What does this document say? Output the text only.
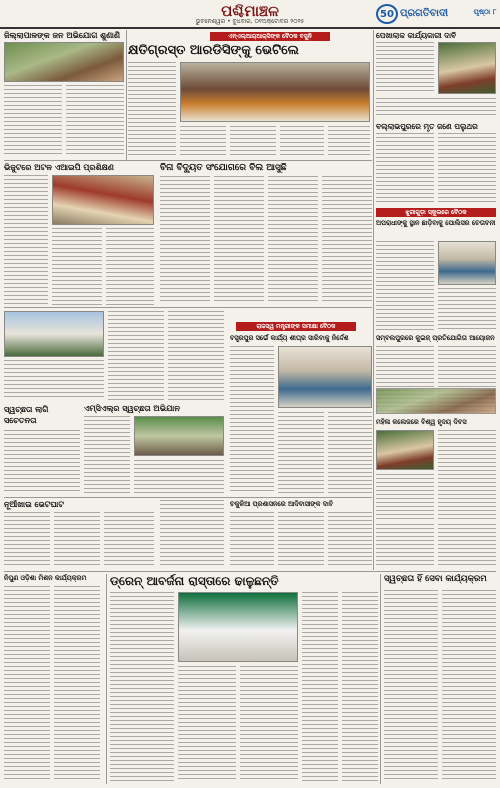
ପଶ୍ଚିମାଞ୍ଚଳ
ଭୁବନେଶ୍ୱର • ବୁଧବାର, ୦୧ଅକ୍ଟୋବର ୨୦୨୫
50 ପ୍ରଗତିବାଦୀ	ପୃଷ୍ଠା ୮
ଜିଲ୍ଲାପାଳଙ୍କ ଜନ ଅଭିଯୋଗ ଶୁଣାଣି	ଏନ୍‌ଏଲ୍‌ଆର୍‌ଆର୍‌ସିଙ୍କ ବୈଠକ ବସୁନି
କ୍ଷତିଗ୍ରସ୍ତ ଆରଡିସିଙ୍କୁ ଭେଟିଲେ
ପେଖାଲାକ କାର୍ଯ୍ୟକାରୀ ଦାବି
ବଲ୍ଲାଭପୁରରେ ମୃତ ଜଣେ ପଲୁଥର
ଭିଜୁଟରେ ଅଟଳ ଏଆଇପି ପ୍ରଶିକ୍ଷଣ	ବିନା ବିଦ୍ୟୁତ ସଂଯୋଗରେ ବିଲ ଆସୁଛି
ଝୁରୀଗୁଡ଼ା ସ୍କୁଲରେ ବୈଠକ
ଅପରାଧୀଙ୍କୁ ସ୍ଥାନ ଛାଡ଼ିବାକୁ ପୋଲିସର ଚେତାବନୀ
ସ୍ୱଚ୍ଛତା ଲାଗି ସଚେତନତା
ଏମ୍‌ସିଏଲ୍‌ର ସ୍ୱଚ୍ଛତା ଅଭିଯାନ
ରାଜସ୍ୱ ମନ୍ତ୍ରୀଙ୍କ ସମୀକ୍ଷା ବୈଠକ
ବସ୍ତ୍ରପୁର ସର୍ଭେ କାର୍ଯ୍ୟ ଶୀଘ୍ର ସାରିବାକୁ ନିର୍ଦ୍ଦେଶ	ସମ୍ବଲପୁରରେ କୁଇଜ୍ ପ୍ରତିଯୋଗିତା ଆୟୋଜନ
ମହିଳା କଲେଜରେ ବିଶ୍ୱ ହୃଦୟ ଦିବସ
ନୂଆଁଖାଇ ଭେଟଘାଟ	ଚକୁଳିଆ ପ୍ରଶାସନରେ ଆଦିବାସୀଙ୍କ ଦାବି
ନିପୁଣ ଓଡ଼ିଶା ମିଶନ କାର୍ଯ୍ୟକ୍ରମ	ଡ୍ରେନ୍ ଆବର୍ଜନା ରାସ୍ତାରେ ଢାଳୁଛନ୍ତି	ସ୍ୱଚ୍ଛତା ହିଁ ସେବା କାର୍ଯ୍ୟକ୍ରମ
